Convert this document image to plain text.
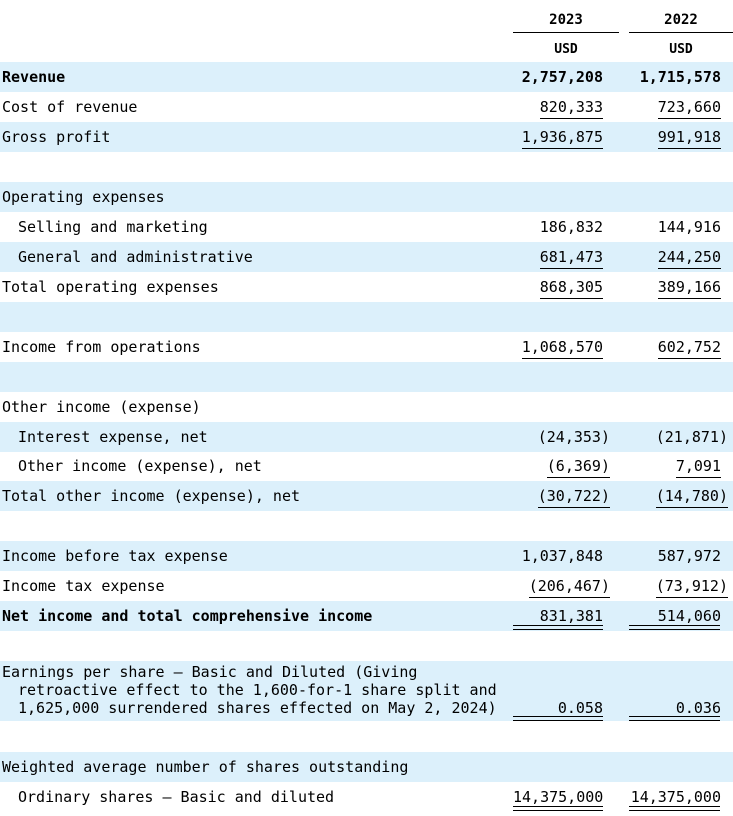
2023	2022
USD	USD
Revenue	2,757,208	1,715,578
Cost of revenue	820,333	723,660
Gross profit	1,936,875	991,918
Operating expenses
Selling and marketing	186,832	144,916
General and administrative	681,473	244,250
Total operating expenses	868,305	389,166
Income from operations	1,068,570	602,752
Other income (expense)
Interest expense, net	(24,353)	(21,871)
Other income (expense), net	(6,369)	7,091
Total other income (expense), net	(30,722)	(14,780)
Income before tax expense	1,037,848	587,972
Income tax expense	(206,467)	(73,912)
Net income and total comprehensive income	831,381	514,060
Earnings per share – Basic and Diluted (Giving
retroactive effect to the 1,600-for-1 share split and
1,625,000 surrendered shares effected on May 2, 2024)	0.058	0.036
Weighted average number of shares outstanding
Ordinary shares – Basic and diluted	14,375,000	14,375,000
